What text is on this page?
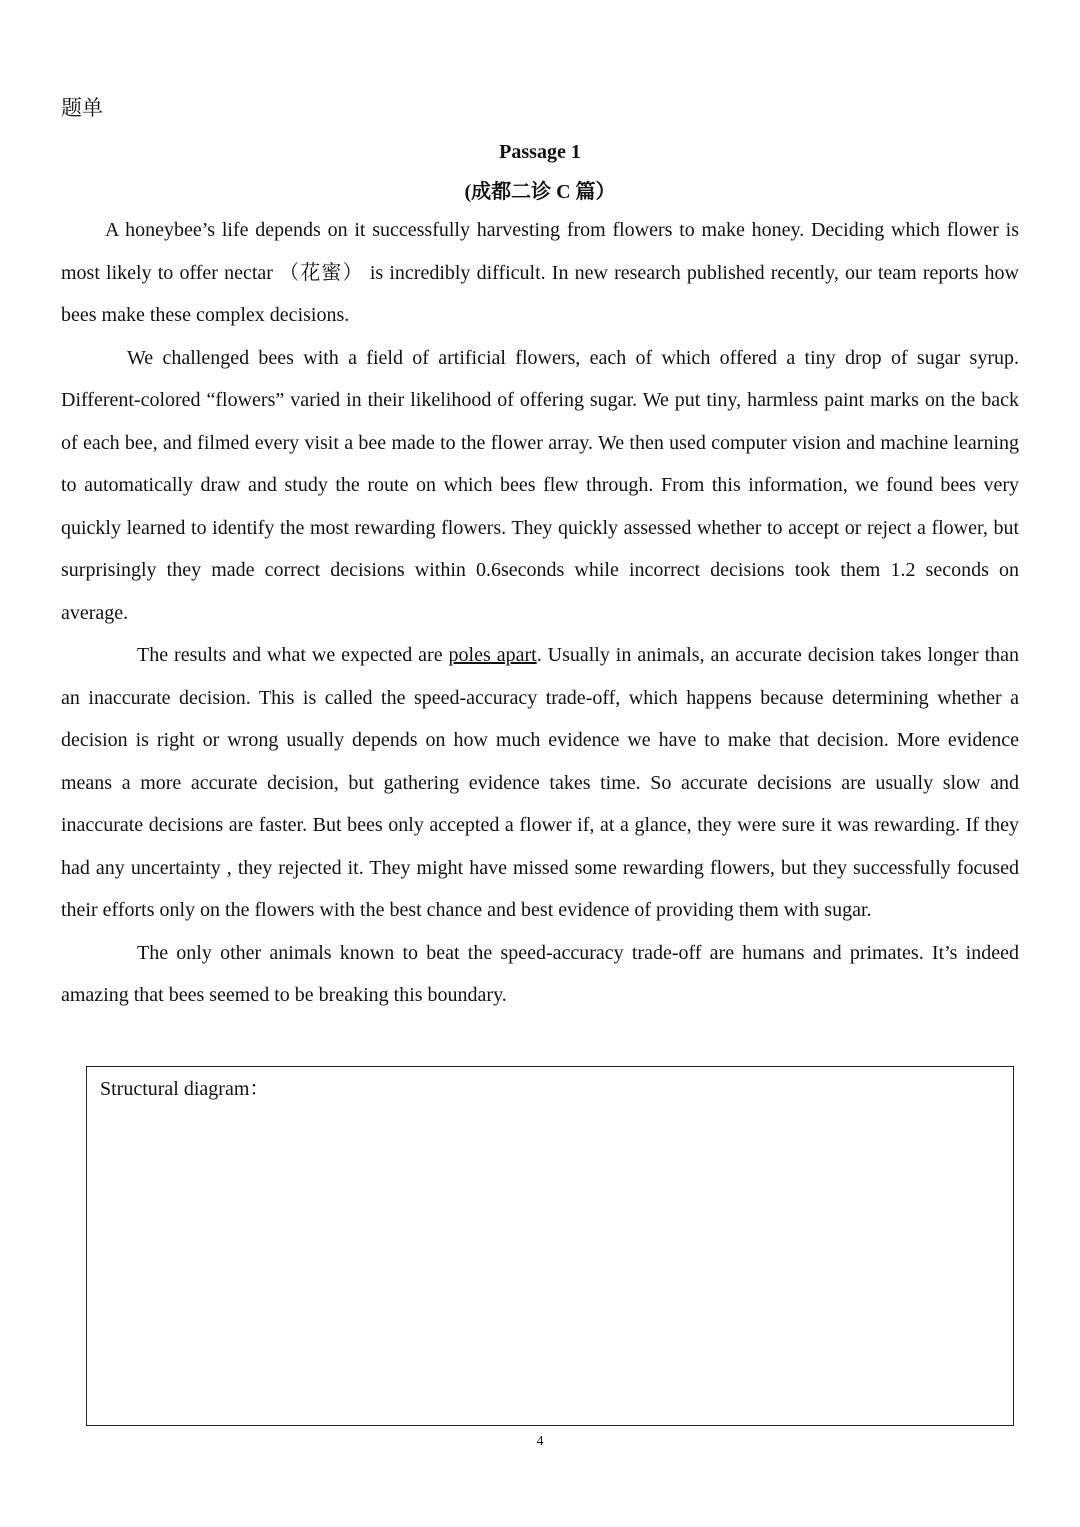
题单
Passage 1
(成都二诊 C 篇）

A honeybee’s life depends on it successfully harvesting from flowers to make honey. Deciding which flower is most likely to offer nectar （花蜜） is incredibly difficult. In new research published recently, our team reports how bees make these complex decisions.

We challenged bees with a field of artificial flowers, each of which offered a tiny drop of sugar syrup. Different-colored “flowers” varied in their likelihood of offering sugar. We put tiny, harmless paint marks on the back of each bee, and filmed every visit a bee made to the flower array. We then used computer vision and machine learning to automatically draw and study the route on which bees flew through. From this information, we found bees very quickly learned to identify the most rewarding flowers. They quickly assessed whether to accept or reject a flower, but surprisingly they made correct decisions within 0.6seconds while incorrect decisions took them 1.2 seconds on average.

The results and what we expected are poles apart. Usually in animals, an accurate decision takes longer than an inaccurate decision. This is called the speed-accuracy trade-off, which happens because determining whether a decision is right or wrong usually depends on how much evidence we have to make that decision. More evidence means a more accurate decision, but gathering evidence takes time. So accurate decisions are usually slow and inaccurate decisions are faster. But bees only accepted a flower if, at a glance, they were sure it was rewarding. If they had any uncertainty , they rejected it. They might have missed some rewarding flowers, but they successfully focused their efforts only on the flowers with the best chance and best evidence of providing them with sugar.

The only other animals known to beat the speed-accuracy trade-off are humans and primates. It’s indeed amazing that bees seemed to be breaking this boundary.

Structural diagram：
4
